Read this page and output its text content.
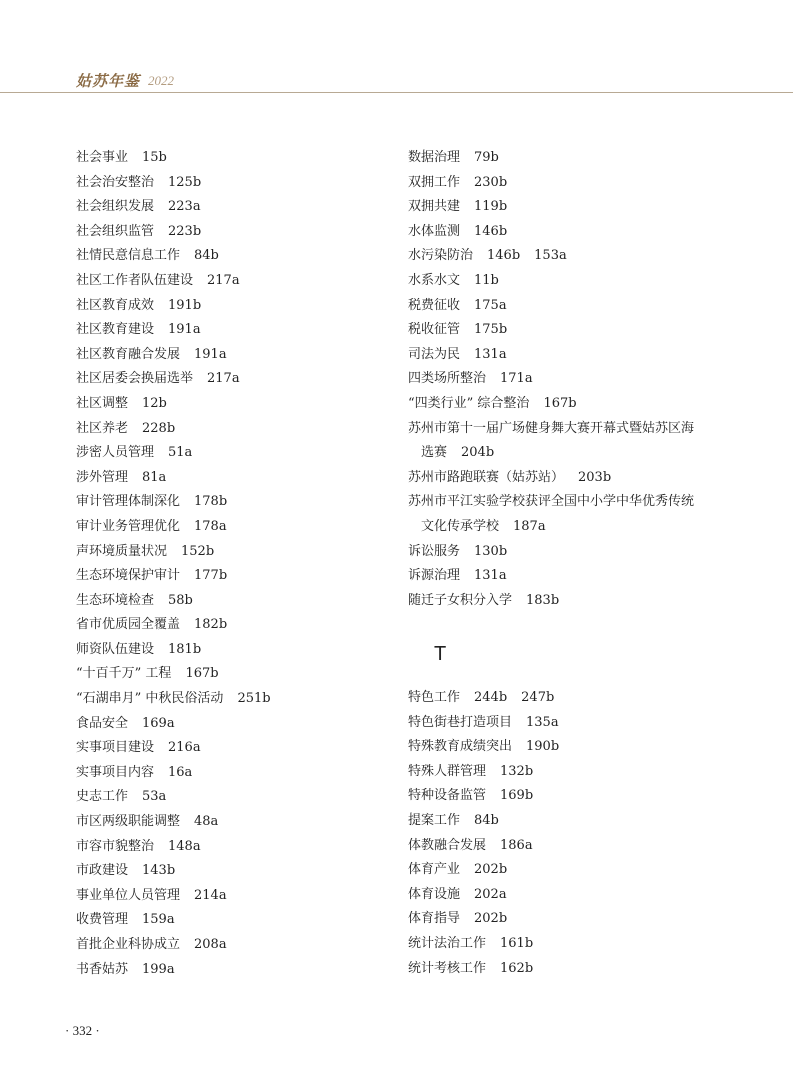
姑苏年鉴 2022
社会事业 15b
社会治安整治 125b
社会组织发展 223a
社会组织监管 223b
社情民意信息工作 84b
社区工作者队伍建设 217a
社区教育成效 191b
社区教育建设 191a
社区教育融合发展 191a
社区居委会换届选举 217a
社区调整 12b
社区养老 228b
涉密人员管理 51a
涉外管理 81a
审计管理体制深化 178b
审计业务管理优化 178a
声环境质量状况 152b
生态环境保护审计 177b
生态环境检查 58b
省市优质园全覆盖 182b
师资队伍建设 181b
“十百千万” 工程 167b
“石湖串月” 中秋民俗活动 251b
食品安全 169a
实事项目建设 216a
实事项目内容 16a
史志工作 53a
市区两级职能调整 48a
市容市貌整治 148a
市政建设 143b
事业单位人员管理 214a
收费管理 159a
首批企业科协成立 208a
书香姑苏 199a
数据治理 79b
双拥工作 230b
双拥共建 119b
水体监测 146b
水污染防治 146b 153a
水系水文 11b
税费征收 175a
税收征管 175b
司法为民 131a
四类场所整治 171a
“四类行业” 综合整治 167b
苏州市第十一届广场健身舞大赛开幕式暨姑苏区海
选赛 204b
苏州市路跑联赛（姑苏站） 203b
苏州市平江实验学校获评全国中小学中华优秀传统
文化传承学校 187a
诉讼服务 130b
诉源治理 131a
随迁子女积分入学 183b
T
特色工作 244b 247b
特色街巷打造项目 135a
特殊教育成绩突出 190b
特殊人群管理 132b
特种设备监管 169b
提案工作 84b
体教融合发展 186a
体育产业 202b
体育设施 202a
体育指导 202b
统计法治工作 161b
统计考核工作 162b
· 332 ·
